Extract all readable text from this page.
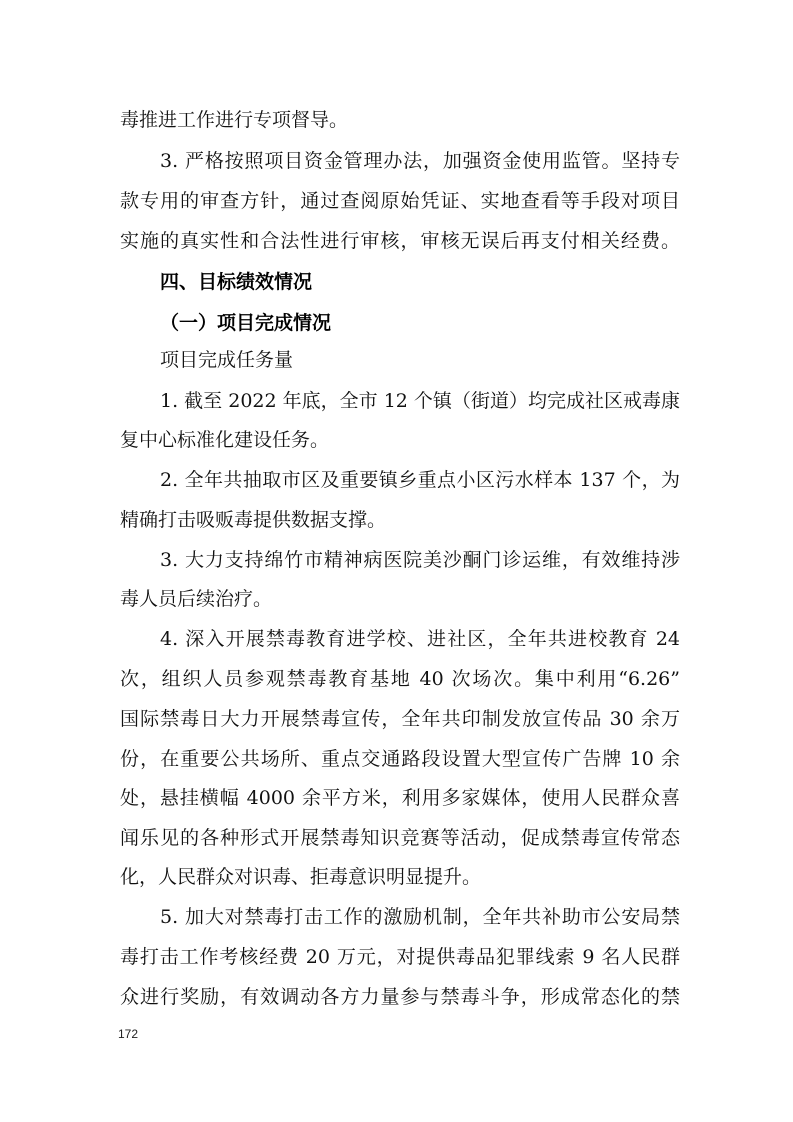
毒推进工作进行专项督导。
3. 严格按照项目资金管理办法，加强资金使用监管。坚持专
款专用的审查方针，通过查阅原始凭证、实地查看等手段对项目
实施的真实性和合法性进行审核，审核无误后再支付相关经费。
四、目标绩效情况
（一）项目完成情况
项目完成任务量
1. 截至 2022 年底，全市 12 个镇（街道）均完成社区戒毒康
复中心标准化建设任务。
2. 全年共抽取市区及重要镇乡重点小区污水样本 137 个，为
精确打击吸贩毒提供数据支撑。
3. 大力支持绵竹市精神病医院美沙酮门诊运维，有效维持涉
毒人员后续治疗。
4. 深入开展禁毒教育进学校、进社区，全年共进校教育 24
次，组织人员参观禁毒教育基地 40 次场次。集中利用“6.26”
国际禁毒日大力开展禁毒宣传，全年共印制发放宣传品 30 余万
份，在重要公共场所、重点交通路段设置大型宣传广告牌 10 余
处，悬挂横幅 4000 余平方米，利用多家媒体，使用人民群众喜
闻乐见的各种形式开展禁毒知识竞赛等活动，促成禁毒宣传常态
化，人民群众对识毒、拒毒意识明显提升。
5. 加大对禁毒打击工作的激励机制，全年共补助市公安局禁
毒打击工作考核经费 20 万元，对提供毒品犯罪线索 9 名人民群
众进行奖励，有效调动各方力量参与禁毒斗争，形成常态化的禁
172
